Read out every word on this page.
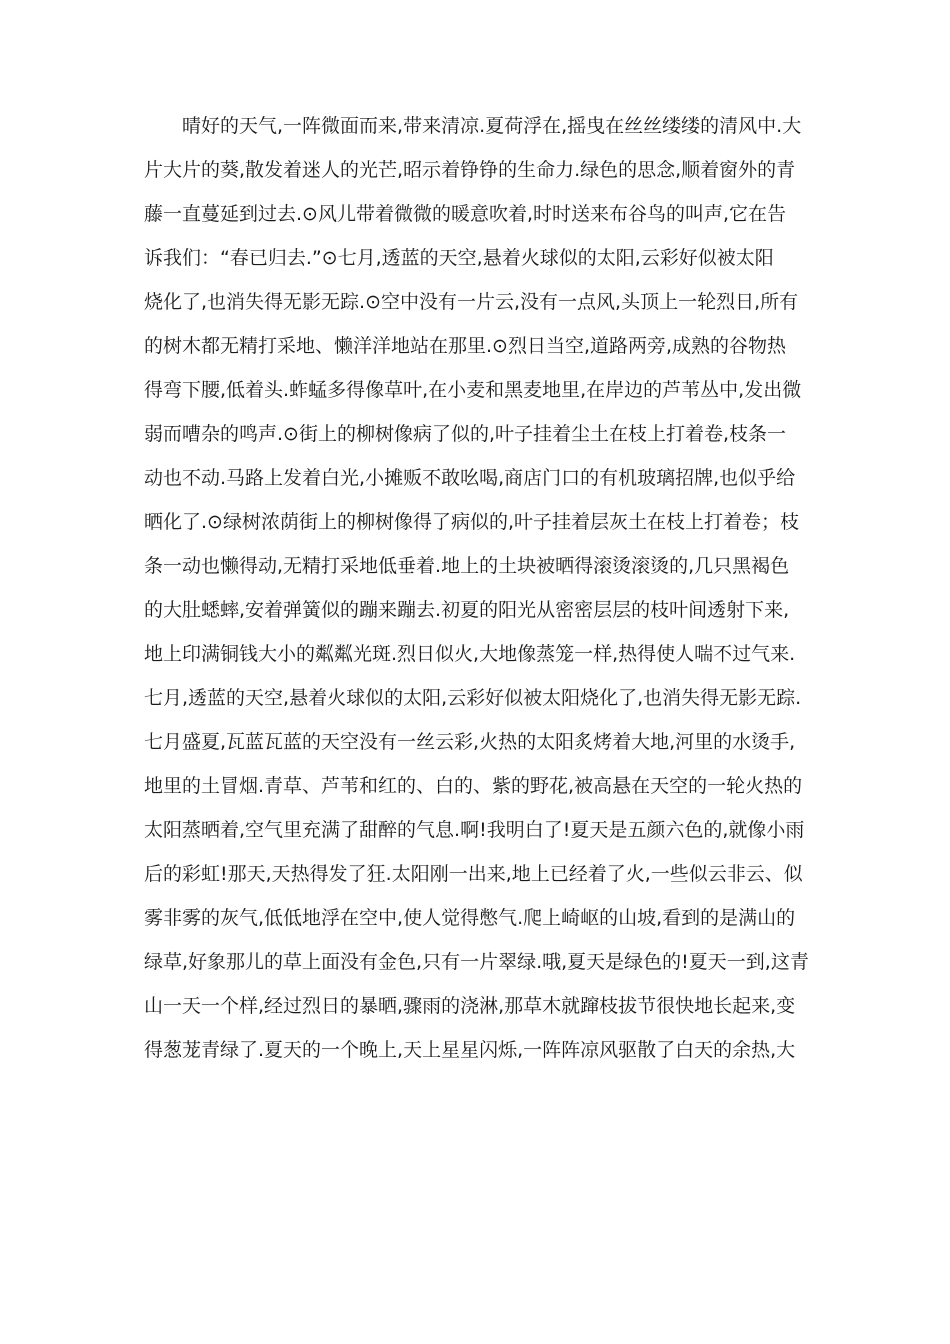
　　晴好的天气,一阵微面而来,带来清凉.夏荷浮在,摇曳在丝丝缕缕的清风中.大
片大片的葵,散发着迷人的光芒,昭示着铮铮的生命力.绿色的思念,顺着窗外的青
藤一直蔓延到过去.⊙风儿带着微微的暖意吹着,时时送来布谷鸟的叫声,它在告
诉我们：“春已归去.”⊙七月,透蓝的天空,悬着火球似的太阳,云彩好似被太阳
烧化了,也消失得无影无踪.⊙空中没有一片云,没有一点风,头顶上一轮烈日,所有
的树木都无精打采地、懒洋洋地站在那里.⊙烈日当空,道路两旁,成熟的谷物热
得弯下腰,低着头.蚱蜢多得像草叶,在小麦和黑麦地里,在岸边的芦苇丛中,发出微
弱而嘈杂的鸣声.⊙街上的柳树像病了似的,叶子挂着尘土在枝上打着卷,枝条一
动也不动.马路上发着白光,小摊贩不敢吆喝,商店门口的有机玻璃招牌,也似乎给
晒化了.⊙绿树浓荫街上的柳树像得了病似的,叶子挂着层灰土在枝上打着卷；枝
条一动也懒得动,无精打采地低垂着.地上的土块被晒得滚烫滚烫的,几只黑褐色
的大肚蟋蟀,安着弹簧似的蹦来蹦去.初夏的阳光从密密层层的枝叶间透射下来,
地上印满铜钱大小的粼粼光斑.烈日似火,大地像蒸笼一样,热得使人喘不过气来.
七月,透蓝的天空,悬着火球似的太阳,云彩好似被太阳烧化了,也消失得无影无踪.
七月盛夏,瓦蓝瓦蓝的天空没有一丝云彩,火热的太阳炙烤着大地,河里的水烫手,
地里的土冒烟.青草、芦苇和红的、白的、紫的野花,被高悬在天空的一轮火热的
太阳蒸晒着,空气里充满了甜醉的气息.啊!我明白了!夏天是五颜六色的,就像小雨
后的彩虹!那天,天热得发了狂.太阳刚一出来,地上已经着了火,一些似云非云、似
雾非雾的灰气,低低地浮在空中,使人觉得憋气.爬上崎岖的山坡,看到的是满山的
绿草,好象那儿的草上面没有金色,只有一片翠绿.哦,夏天是绿色的!夏天一到,这青
山一天一个样,经过烈日的暴晒,骤雨的浇淋,那草木就蹿枝拔节很快地长起来,变
得葱茏青绿了.夏天的一个晚上,天上星星闪烁,一阵阵凉风驱散了白天的余热,大
